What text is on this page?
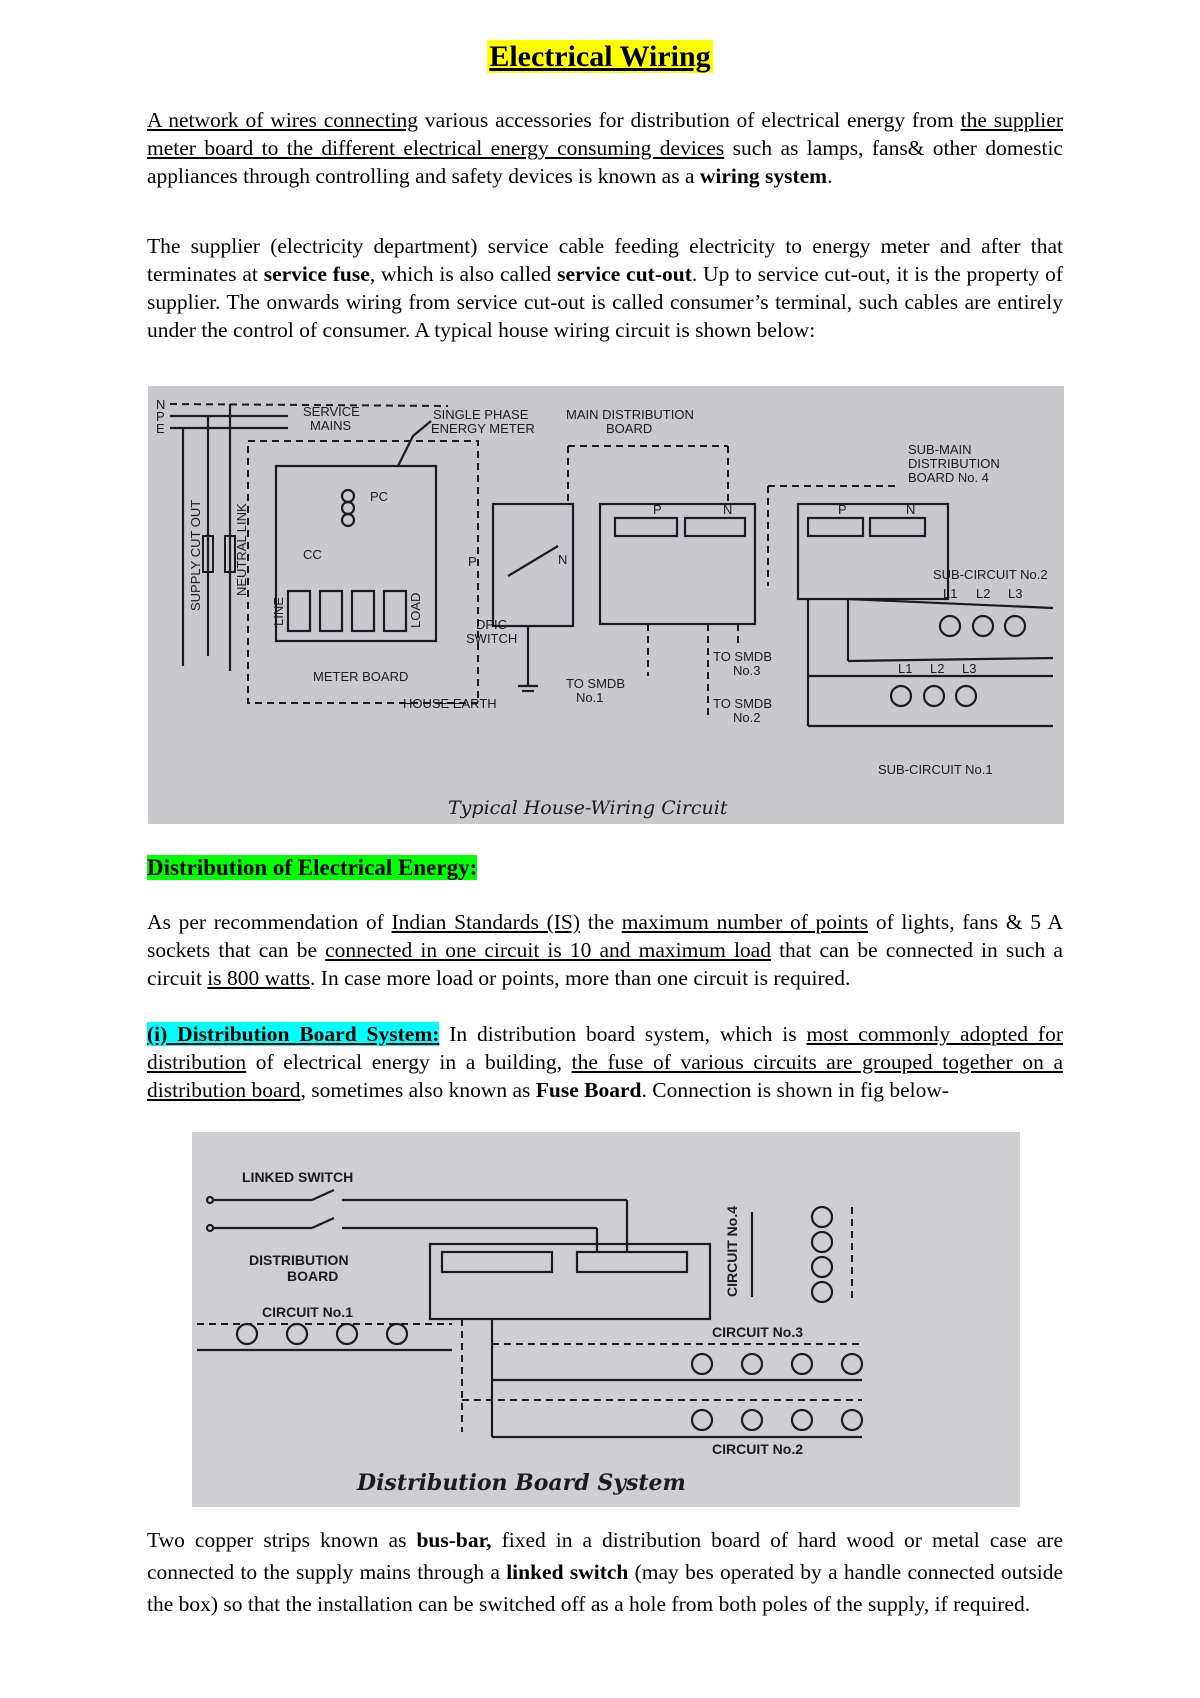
Electrical Wiring
A network of wires connecting various accessories for distribution of electrical energy from the supplier meter board to the different electrical energy consuming devices such as lamps, fans& other domestic appliances through controlling and safety devices is known as a wiring system.
The supplier (electricity department) service cable feeding electricity to energy meter and after that terminates at service fuse, which is also called service cut-out. Up to service cut-out, it is the property of supplier. The onwards wiring from service cut-out is called consumer’s terminal, such cables are entirely under the control of consumer. A typical house wiring circuit is shown below:
N
P
E
SUPPLY CUT OUT NEUTRAL LINK
METER BOARD
SERVICE
MAINS
SINGLE PHASE
ENERGY METER
PC
CC
LINE	LOAD
P	N
DPIC
SWITCH
MAIN DISTRIBUTION
BOARD
P	N
HOUSE EARTH
TO SMDB
No.1
TO SMDB
No.3
TO SMDB
No.2
SUB-MAIN
DISTRIBUTION
BOARD No. 4
P	N
SUB-CIRCUIT No.2
L1 L2 L3
L1 L2 L3
SUB-CIRCUIT No.1
Typical House-Wiring Circuit
Distribution of Electrical Energy:
As per recommendation of Indian Standards (IS) the maximum number of points of lights, fans & 5 A sockets that can be connected in one circuit is 10 and maximum load that can be connected in such a circuit is 800 watts. In case more load or points, more than one circuit is required.
(i) Distribution Board System: In distribution board system, which is most commonly adopted for distribution of electrical energy in a building, the fuse of various circuits are grouped together on a distribution board, sometimes also known as Fuse Board. Connection is shown in fig below-
LINKED SWITCH
DISTRIBUTION
BOARD
CIRCUIT No.1
CIRCUIT No.4
CIRCUIT No.3
CIRCUIT No.2
Distribution Board System
Two copper strips known as bus-bar, fixed in a distribution board of hard wood or metal case are connected to the supply mains through a linked switch (may bes operated by a handle connected outside the box) so that the installation can be switched off as a hole from both poles of the supply, if required.
